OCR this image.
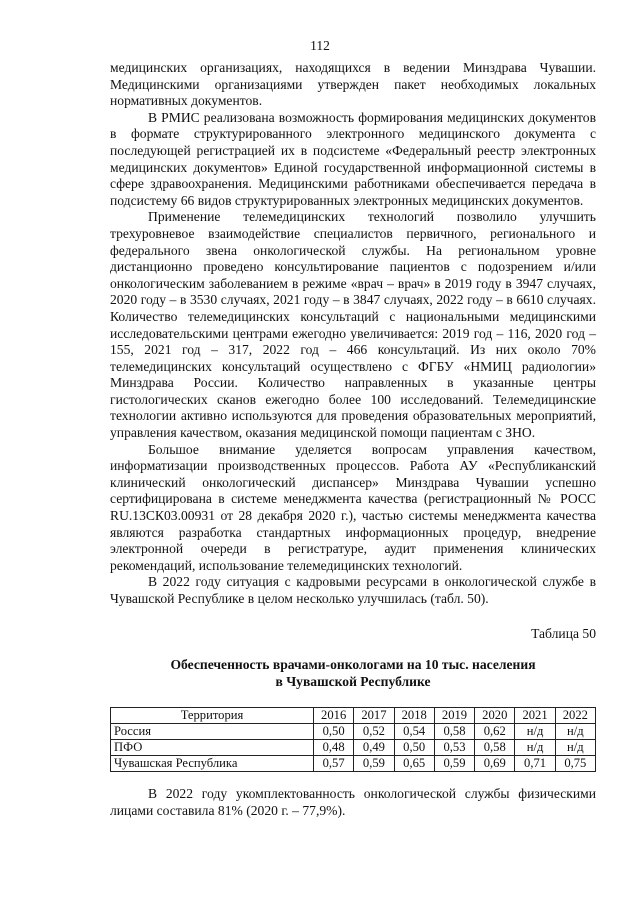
112

медицинских организациях, находящихся в ведении Минздрава Чувашии. Медицинскими организациями утвержден пакет необходимых локальных нормативных документов.

В РМИС реализована возможность формирования медицинских документов в формате структурированного электронного медицинского документа с последующей регистрацией их в подсистеме «Федеральный реестр электронных медицинских документов» Единой государственной информационной системы в сфере здравоохранения. Медицинскими работниками обеспечивается передача в подсистему 66 видов структурированных электронных медицинских документов.

Применение телемедицинских технологий позволило улучшить трехуровневое взаимодействие специалистов первичного, регионального и федерального звена онкологической службы. На региональном уровне дистанционно проведено консультирование пациентов с подозрением и/или онкологическим заболеванием в режиме «врач – врач» в 2019 году в 3947 случаях, 2020 году – в 3530 случаях, 2021 году – в 3847 случаях, 2022 году – в 6610 случаях. Количество телемедицинских консультаций с национальными медицинскими исследовательскими центрами ежегодно увеличивается: 2019 год – 116, 2020 год – 155, 2021 год – 317, 2022 год – 466 консультаций. Из них около 70% телемедицинских консультаций осуществлено с ФГБУ «НМИЦ радиологии» Минздрава России. Количество направленных в указанные центры гистологических сканов ежегодно более 100 исследований. Телемедицинские технологии активно используются для проведения образовательных мероприятий, управления качеством, оказания медицинской помощи пациентам с ЗНО.

Большое внимание уделяется вопросам управления качеством, информатизации производственных процессов. Работа АУ «Республиканский клинический онкологический диспансер» Минздрава Чувашии успешно сертифицирована в системе менеджмента качества (регистрационный № РОСС RU.13СК03.00931 от 28 декабря 2020 г.), частью системы менеджмента качества являются разработка стандартных информационных процедур, внедрение электронной очереди в регистратуре, аудит применения клинических рекомендаций, использование телемедицинских технологий.

В 2022 году ситуация с кадровыми ресурсами в онкологической службе в Чувашской Республике в целом несколько улучшилась (табл. 50).

Таблица 50
Обеспеченность врачами-онкологами на 10 тыс. населения
в Чувашской Республике
Территория	2016	2017	2018	2019	2020	2021	2022
Россия	0,50	0,52	0,54	0,58	0,62	н/д	н/д
ПФО	0,48	0,49	0,50	0,53	0,58	н/д	н/д
Чувашская Республика	0,57	0,59	0,65	0,59	0,69	0,71	0,75

В 2022 году укомплектованность онкологической службы физическими лицами составила 81% (2020 г. – 77,9%).
